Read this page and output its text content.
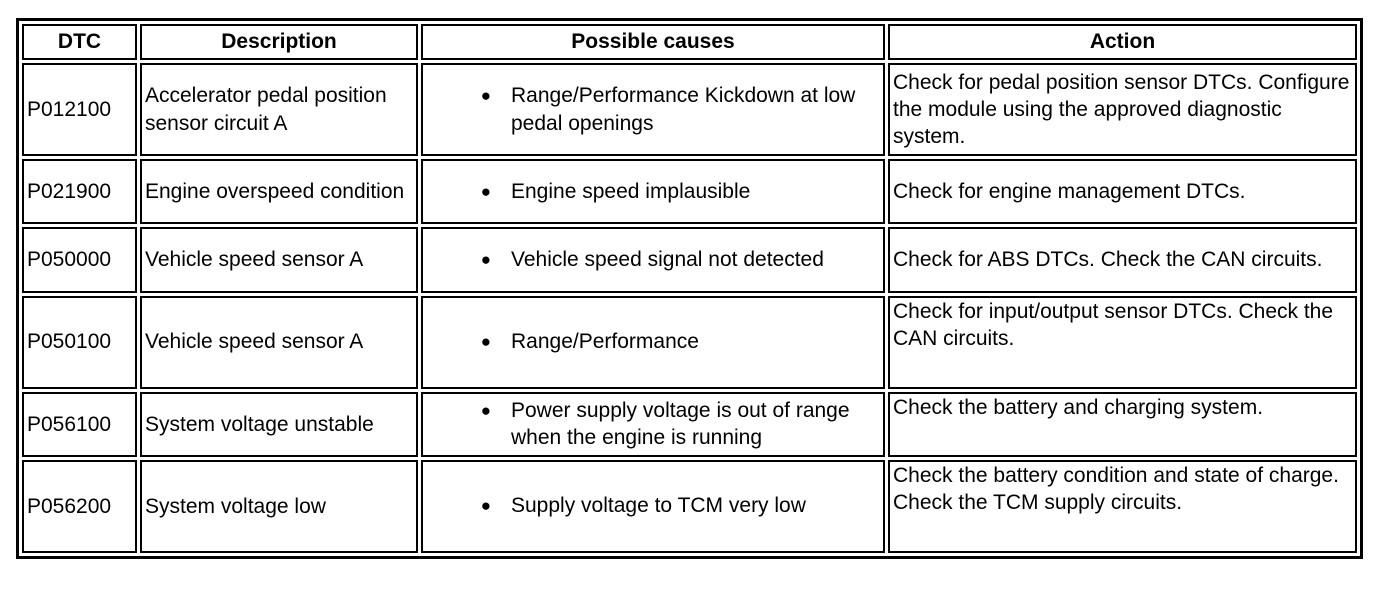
DTC	Description	Possible causes	Action
P012100	Accelerator pedal position sensor circuit A	● Range/Performance Kickdown at low pedal openings	Check for pedal position sensor DTCs. Configure the module using the approved diagnostic system.
P021900	Engine overspeed condition	● Engine speed implausible	Check for engine management DTCs.
P050000	Vehicle speed sensor A	● Vehicle speed signal not detected	Check for ABS DTCs. Check the CAN circuits.
P050100	Vehicle speed sensor A	● Range/Performance	Check for input/output sensor DTCs. Check the CAN circuits.
P056100	System voltage unstable	● Power supply voltage is out of range when the engine is running	Check the battery and charging system.
P056200	System voltage low	● Supply voltage to TCM very low	Check the battery condition and state of charge. Check the TCM supply circuits.
